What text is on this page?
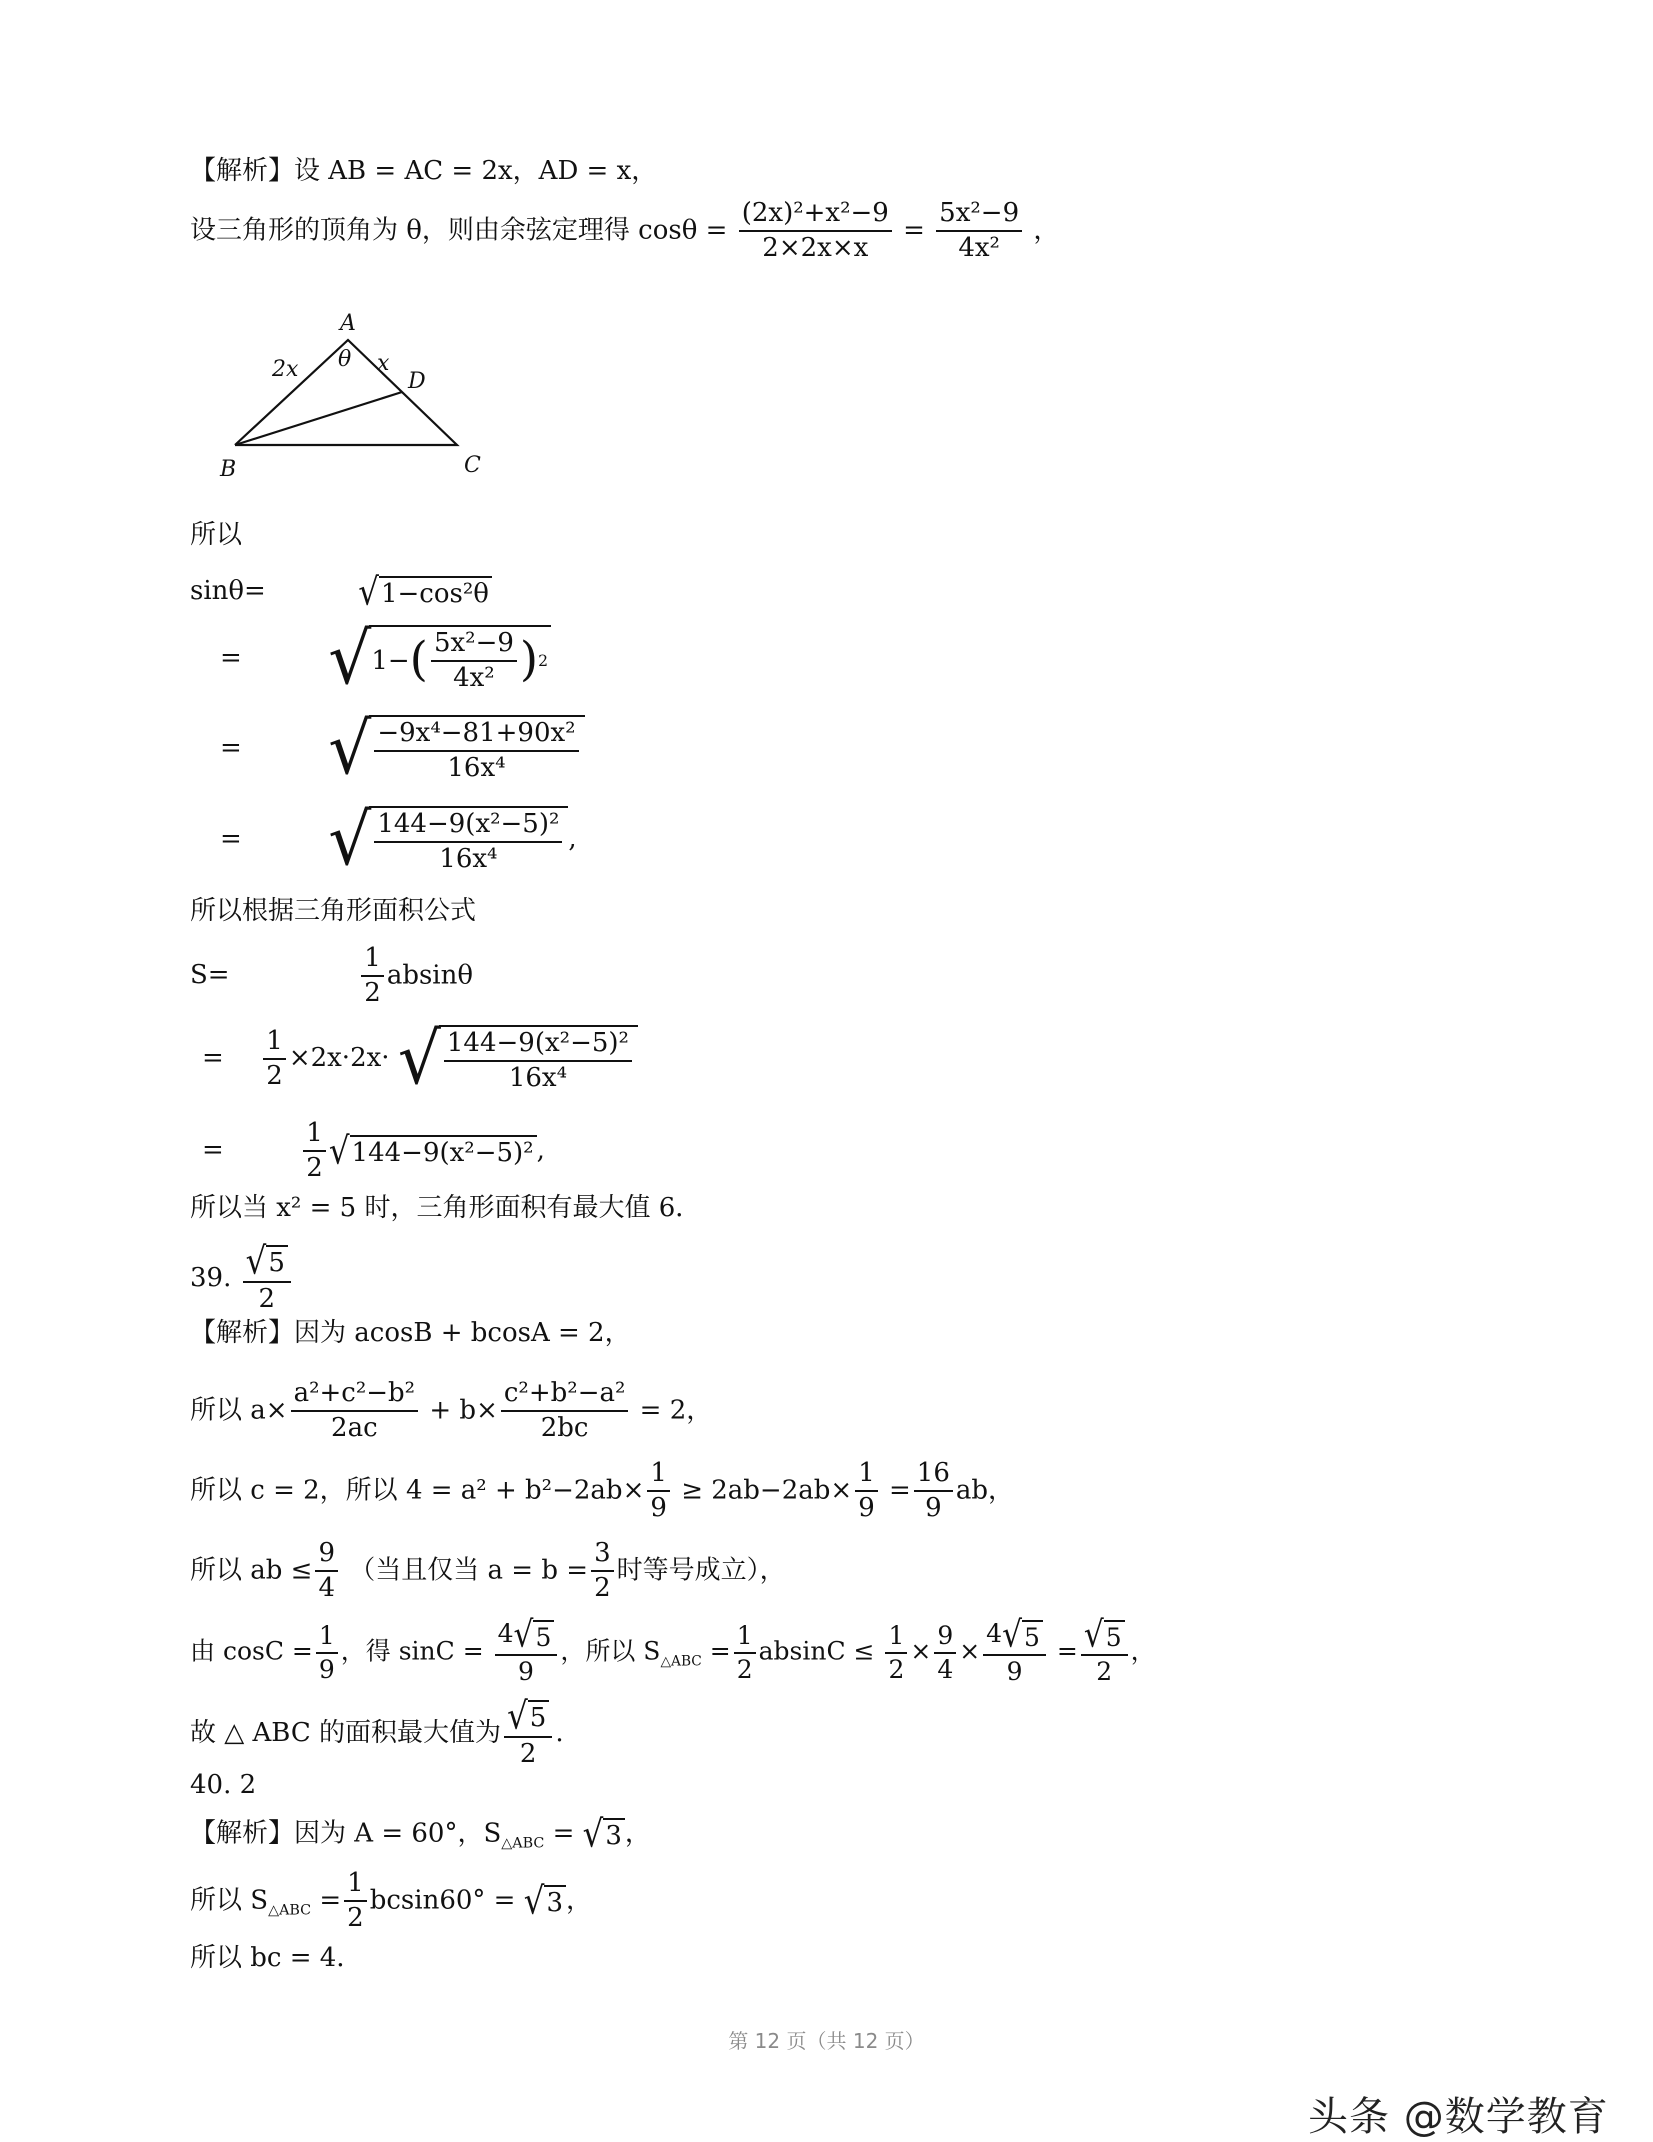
【解析】设 AB = AC = 2x，AD = x，
设三角形的顶角为 θ，则由余弦定理得 $\cos\theta = \frac{\text{(2x)²+x²−9}}{2\times 2x\times x} = \frac{\text{5x²−9}}{\text{4x²}}$ ，
A
B	C
D
θ x
2x
所以
sinθ=	√ 1−cos²θ
= √ 1− ( $\frac{\text{5x²−9}}{\text{4x²}}$ ) 2
= √ $\frac{\text{−9x⁴−81+90x²}}{\text{16x⁴}}$
= √ $\frac{\text{144−9(x²−5)²}}{\text{16x⁴}}$ ,
所以根据三角形面积公式
S=	$\frac{1}{2}$ absinθ
= $\frac{1}{2} \times 2x\cdot 2x\cdot$ √ $\frac{\text{144−9(x²−5)²}}{\text{16x⁴}}$
=	$\frac{1}{2}$ √ 144−9(x²−5)² ,
所以当 x² = 5 时，三角形面积有最大值 6．
39. $\frac{√ 5}{2}$
【解析】因为 acosB + bcosA = 2，
所以 $a\times \frac{\text{a²+c²−b²}}{2ac} + b\times \frac{\text{c²+b²−a²}}{2bc} = 2$，
所以 c = 2，所以 $4 = a^2 + b^2-2ab\times \frac{1}{9} \ge 2ab-2ab\times \frac{1}{9} = \frac{16}{9}$ ab，
所以 ab ≤ $\frac{9}{4}$ （当且仅当 $a = b = \frac{3}{2}$ 时等号成立），
由 $\cos C = \frac{1}{9}$ ，得 $\sin C = \frac{4 √ 5}{9}$ ，所以 $S_{\triangle ABC} = \frac{1}{2}$ $absinC \le \frac{1}{2} \times \frac{9}{4} \times \frac{4 √ 5}{9} = \frac{√ 5}{2}$ ，
故 △ ABC 的面积最大值为 $\frac{√ 5}{2}$ .
40. 2
【解析】因为 A = 60°，$S_{\triangle ABC}$ = √ 3 ，
所以 $S_{\triangle ABC} = \frac{1}{2} bcsin60^\circ$ = √ 3 ，
所以 bc = 4．
第 12 页（共 12 页）
头条 @数学教育
